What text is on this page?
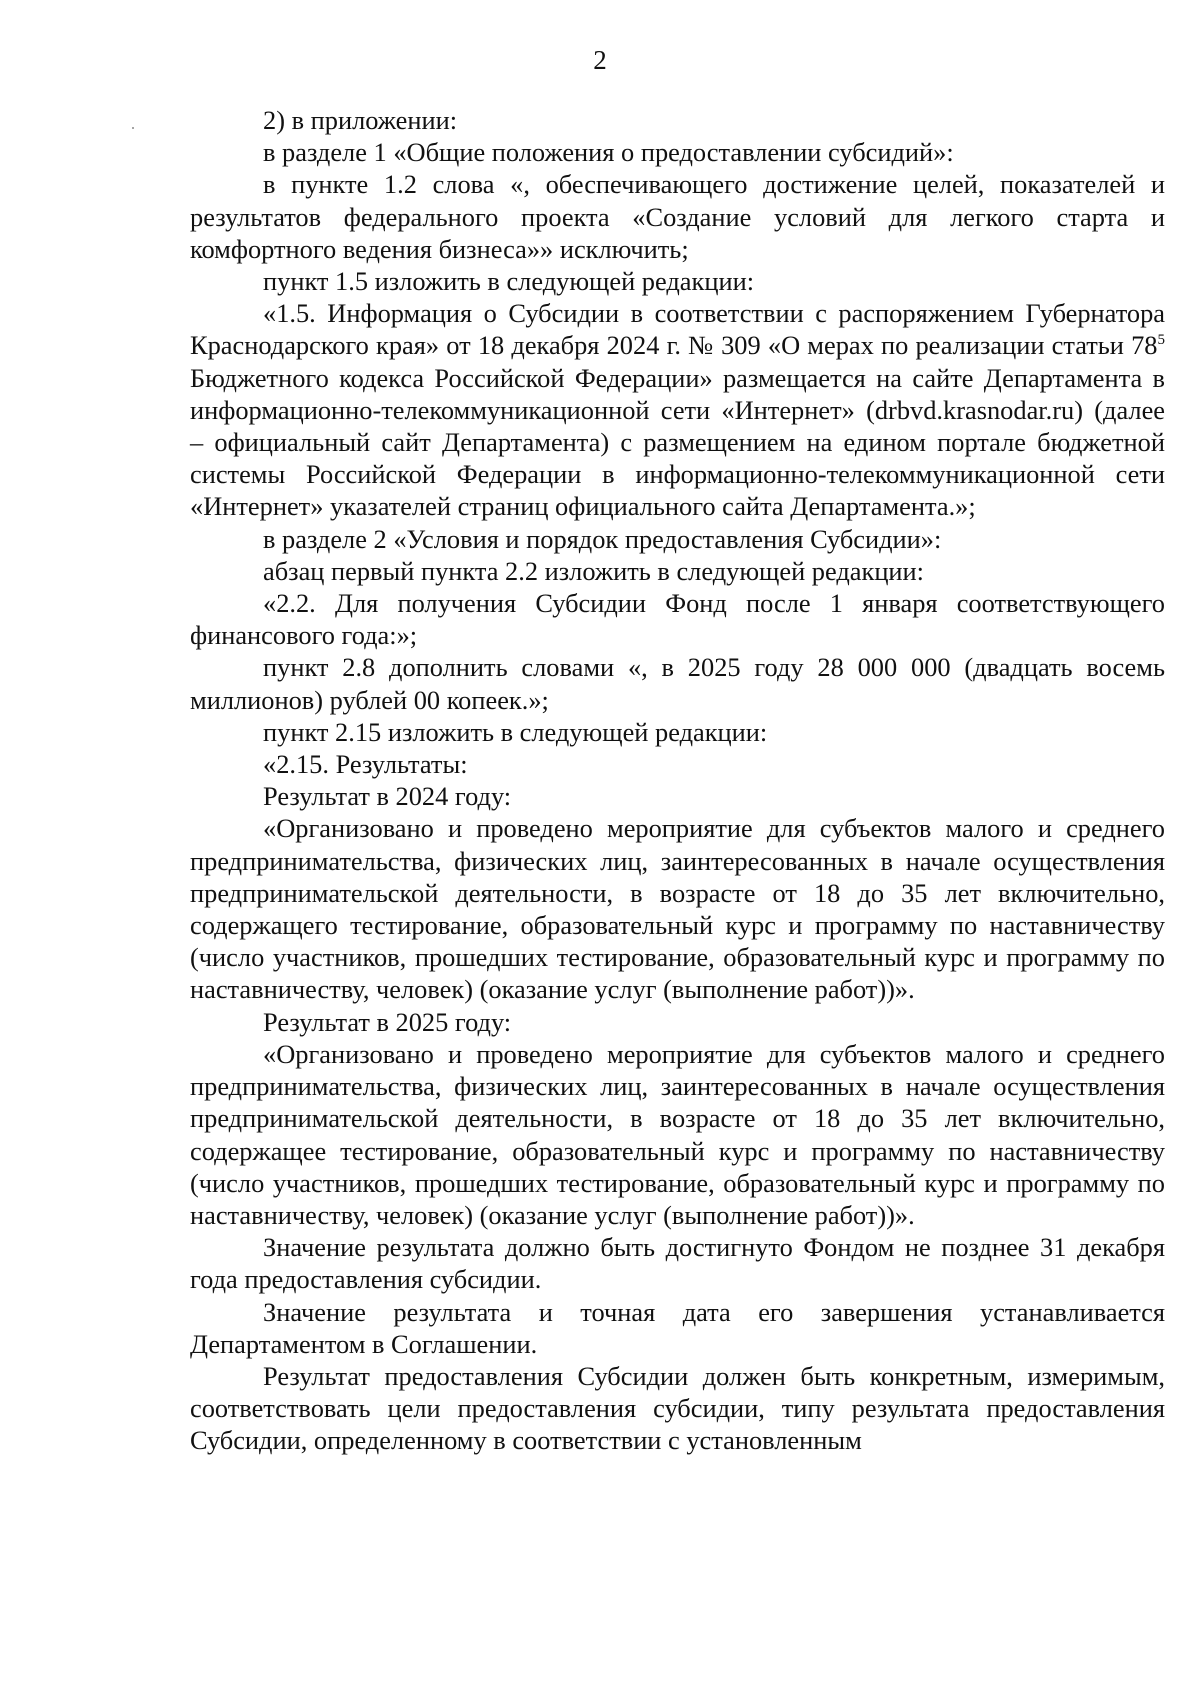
2

2) в приложении:

в разделе 1 «Общие положения о предоставлении субсидий»:

в пункте 1.2 слова «, обеспечивающего достижение целей, показателей и результатов федерального проекта «Создание условий для легкого старта и комфортного ведения бизнеса»» исключить;

пункт 1.5 изложить в следующей редакции:

«1.5. Информация о Субсидии в соответствии с распоряжением Губернатора Краснодарского края» от 18 декабря 2024 г. № 309 «О мерах по реализации статьи $78^5$ Бюджетного кодекса Российской Федерации» размещается на сайте Департамента в информационно-телекоммуникационной сети «Интернет» (drbvd.krasnodar.ru) (далее – официальный сайт Департамента) с размещением на едином портале бюджетной системы Российской Федерации в информационно-телекоммуникационной сети «Интернет» указателей страниц официального сайта Департамента.»;

в разделе 2 «Условия и порядок предоставления Субсидии»:

абзац первый пункта 2.2 изложить в следующей редакции:

«2.2. Для получения Субсидии Фонд после 1 января соответствующего финансового года:»;

пункт 2.8 дополнить словами «, в 2025 году 28 000 000 (двадцать восемь миллионов) рублей 00 копеек.»;

пункт 2.15 изложить в следующей редакции:

«2.15. Результаты:

Результат в 2024 году:

«Организовано и проведено мероприятие для субъектов малого и среднего предпринимательства, физических лиц, заинтересованных в начале осуществления предпринимательской деятельности, в возрасте от 18 до 35 лет включительно, содержащего тестирование, образовательный курс и программу по наставничеству (число участников, прошедших тестирование, образовательный курс и программу по наставничеству, человек) (оказание услуг (выполнение работ))».

Результат в 2025 году:

«Организовано и проведено мероприятие для субъектов малого и среднего предпринимательства, физических лиц, заинтересованных в начале осуществления предпринимательской деятельности, в возрасте от 18 до 35 лет включительно, содержащее тестирование, образовательный курс и программу по наставничеству (число участников, прошедших тестирование, образовательный курс и программу по наставничеству, человек) (оказание услуг (выполнение работ))».

Значение результата должно быть достигнуто Фондом не позднее 31 декабря года предоставления субсидии.

Значение результата и точная дата его завершения устанавливается Департаментом в Соглашении.

Результат предоставления Субсидии должен быть конкретным, измеримым, соответствовать цели предоставления субсидии, типу результата предоставления Субсидии, определенному в соответствии с установленным
